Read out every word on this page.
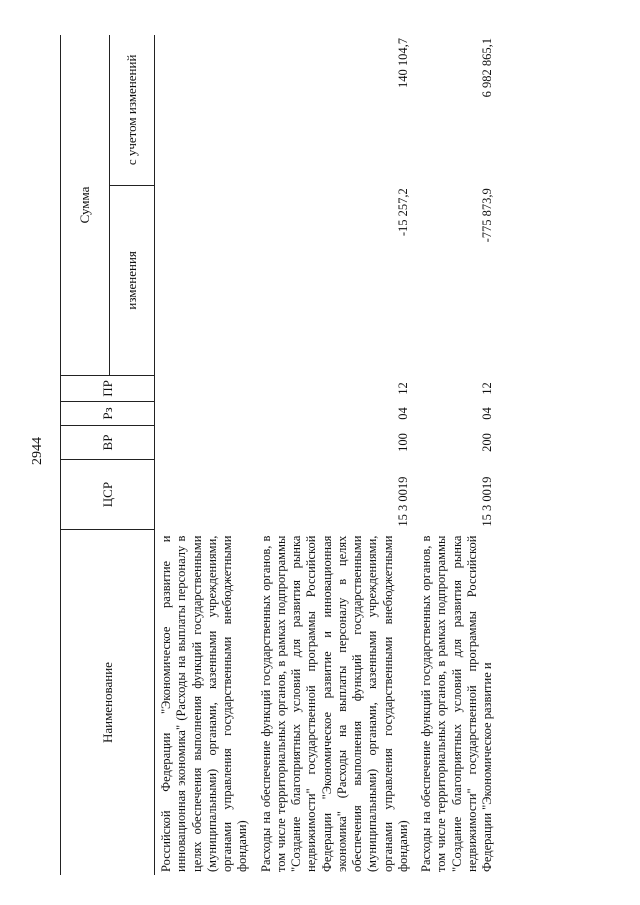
2944
Наименование	ЦСР	ВР	Рз	ПР	Сумма	
					изменения	с учетом изменений
Российской Федерации "Экономическое развитие и инновационная экономика" (Расходы на выплаты персоналу в целях обеспечения выполнения функций государственными (муниципальными) органами, казенными учреждениями, органами управления государственными внебюджетными фондами)						
Расходы на обеспечение функций государственных органов, в том числе территориальных органов, в рамках подпрограммы "Создание благоприятных условий для развития рынка недвижимости" государственной программы Российской Федерации "Экономическое развитие и инновационная экономика" (Расходы на выплаты персоналу в целях обеспечения выполнения функций государственными (муниципальными) органами, казенными учреждениями, органами управления государственными внебюджетными фондами)	15 3 0019	100	04	12	-15 257,2	140 104,7
Расходы на обеспечение функций государственных органов, в том числе территориальных органов, в рамках подпрограммы "Создание благоприятных условий для развития рынка недвижимости" государственной программы Российской Федерации "Экономическое развитие и	15 3 0019	200	04	12	-775 873,9	6 982 865,1
